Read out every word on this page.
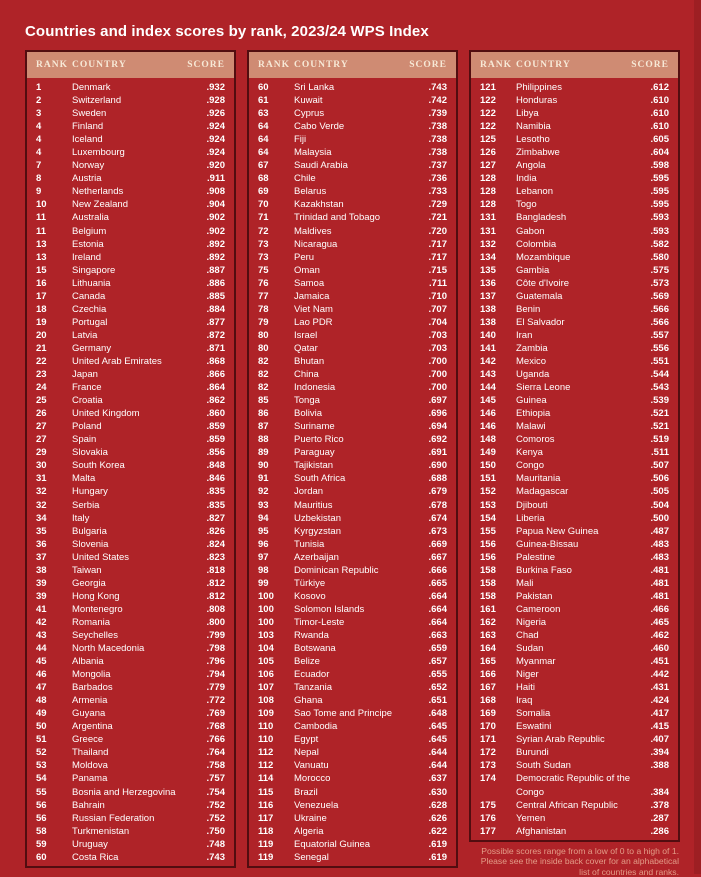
Countries and index scores by rank, 2023/24 WPS Index
RANK COUNTRY	SCORE
1	Denmark	.932
2	Switzerland	.928
3	Sweden	.926
4	Finland	.924
4	Iceland	.924
4	Luxembourg	.924
7	Norway	.920
8	Austria	.911
9	Netherlands	.908
10	New Zealand	.904
11	Australia	.902
11	Belgium	.902
13	Estonia	.892
13	Ireland	.892
15	Singapore	.887
16	Lithuania	.886
17	Canada	.885
18	Czechia	.884
19	Portugal	.877
20	Latvia	.872
21	Germany	.871
22	United Arab Emirates	.868
23	Japan	.866
24	France	.864
25	Croatia	.862
26	United Kingdom	.860
27	Poland	.859
27	Spain	.859
29	Slovakia	.856
30	South Korea	.848
31	Malta	.846
32	Hungary	.835
32	Serbia	.835
34	Italy	.827
35	Bulgaria	.826
36	Slovenia	.824
37	United States	.823
38	Taiwan	.818
39	Georgia	.812
39	Hong Kong	.812
41	Montenegro	.808
42	Romania	.800
43	Seychelles	.799
44	North Macedonia	.798
45	Albania	.796
46	Mongolia	.794
47	Barbados	.779
48	Armenia	.772
49	Guyana	.769
50	Argentina	.768
51	Greece	.766
52	Thailand	.764
53	Moldova	.758
54	Panama	.757
55	Bosnia and Herzegovina	.754
56	Bahrain	.752
56	Russian Federation	.752
58	Turkmenistan	.750
59	Uruguay	.748
60	Costa Rica	.743
RANK COUNTRY	SCORE
60	Sri Lanka	.743
61	Kuwait	.742
63	Cyprus	.739
64	Cabo Verde	.738
64	Fiji	.738
64	Malaysia	.738
67	Saudi Arabia	.737
68	Chile	.736
69	Belarus	.733
70	Kazakhstan	.729
71	Trinidad and Tobago	.721
72	Maldives	.720
73	Nicaragua	.717
73	Peru	.717
75	Oman	.715
76	Samoa	.711
77	Jamaica	.710
78	Viet Nam	.707
79	Lao PDR	.704
80	Israel	.703
80	Qatar	.703
82	Bhutan	.700
82	China	.700
82	Indonesia	.700
85	Tonga	.697
86	Bolivia	.696
87	Suriname	.694
88	Puerto Rico	.692
89	Paraguay	.691
90	Tajikistan	.690
91	South Africa	.688
92	Jordan	.679
93	Mauritius	.678
94	Uzbekistan	.674
95	Kyrgyzstan	.673
96	Tunisia	.669
97	Azerbaijan	.667
98	Dominican Republic	.666
99	Türkiye	.665
100	Kosovo	.664
100	Solomon Islands	.664
100	Timor-Leste	.664
103	Rwanda	.663
104	Botswana	.659
105	Belize	.657
106	Ecuador	.655
107	Tanzania	.652
108	Ghana	.651
109	Sao Tome and Principe	.648
110	Cambodia	.645
110	Egypt	.645
112	Nepal	.644
112	Vanuatu	.644
114	Morocco	.637
115	Brazil	.630
116	Venezuela	.628
117	Ukraine	.626
118	Algeria	.622
119	Equatorial Guinea	.619
119	Senegal	.619
RANK COUNTRY	SCORE
121	Philippines	.612
122	Honduras	.610
122	Libya	.610
122	Namibia	.610
125	Lesotho	.605
126	Zimbabwe	.604
127	Angola	.598
128	India	.595
128	Lebanon	.595
128	Togo	.595
131	Bangladesh	.593
131	Gabon	.593
132	Colombia	.582
134	Mozambique	.580
135	Gambia	.575
136	Côte d'Ivoire	.573
137	Guatemala	.569
138	Benin	.566
138	El Salvador	.566
140	Iran	.557
141	Zambia	.556
142	Mexico	.551
143	Uganda	.544
144	Sierra Leone	.543
145	Guinea	.539
146	Ethiopia	.521
146	Malawi	.521
148	Comoros	.519
149	Kenya	.511
150	Congo	.507
151	Mauritania	.506
152	Madagascar	.505
153	Djibouti	.504
154	Liberia	.500
155	Papua New Guinea	.487
156	Guinea-Bissau	.483
156	Palestine	.483
158	Burkina Faso	.481
158	Mali	.481
158	Pakistan	.481
161	Cameroon	.466
162	Nigeria	.465
163	Chad	.462
164	Sudan	.460
165	Myanmar	.451
166	Niger	.442
167	Haiti	.431
168	Iraq	.424
169	Somalia	.417
170	Eswatini	.415
171	Syrian Arab Republic	.407
172	Burundi	.394
173	South Sudan	.388
174	Democratic Republic of the Congo	.384
175	Central African Republic	.378
176	Yemen	.287
177	Afghanistan	.286
Possible scores range from a low of 0 to a high of 1.
Please see the inside back cover for an alphabetical
list of countries and ranks.
